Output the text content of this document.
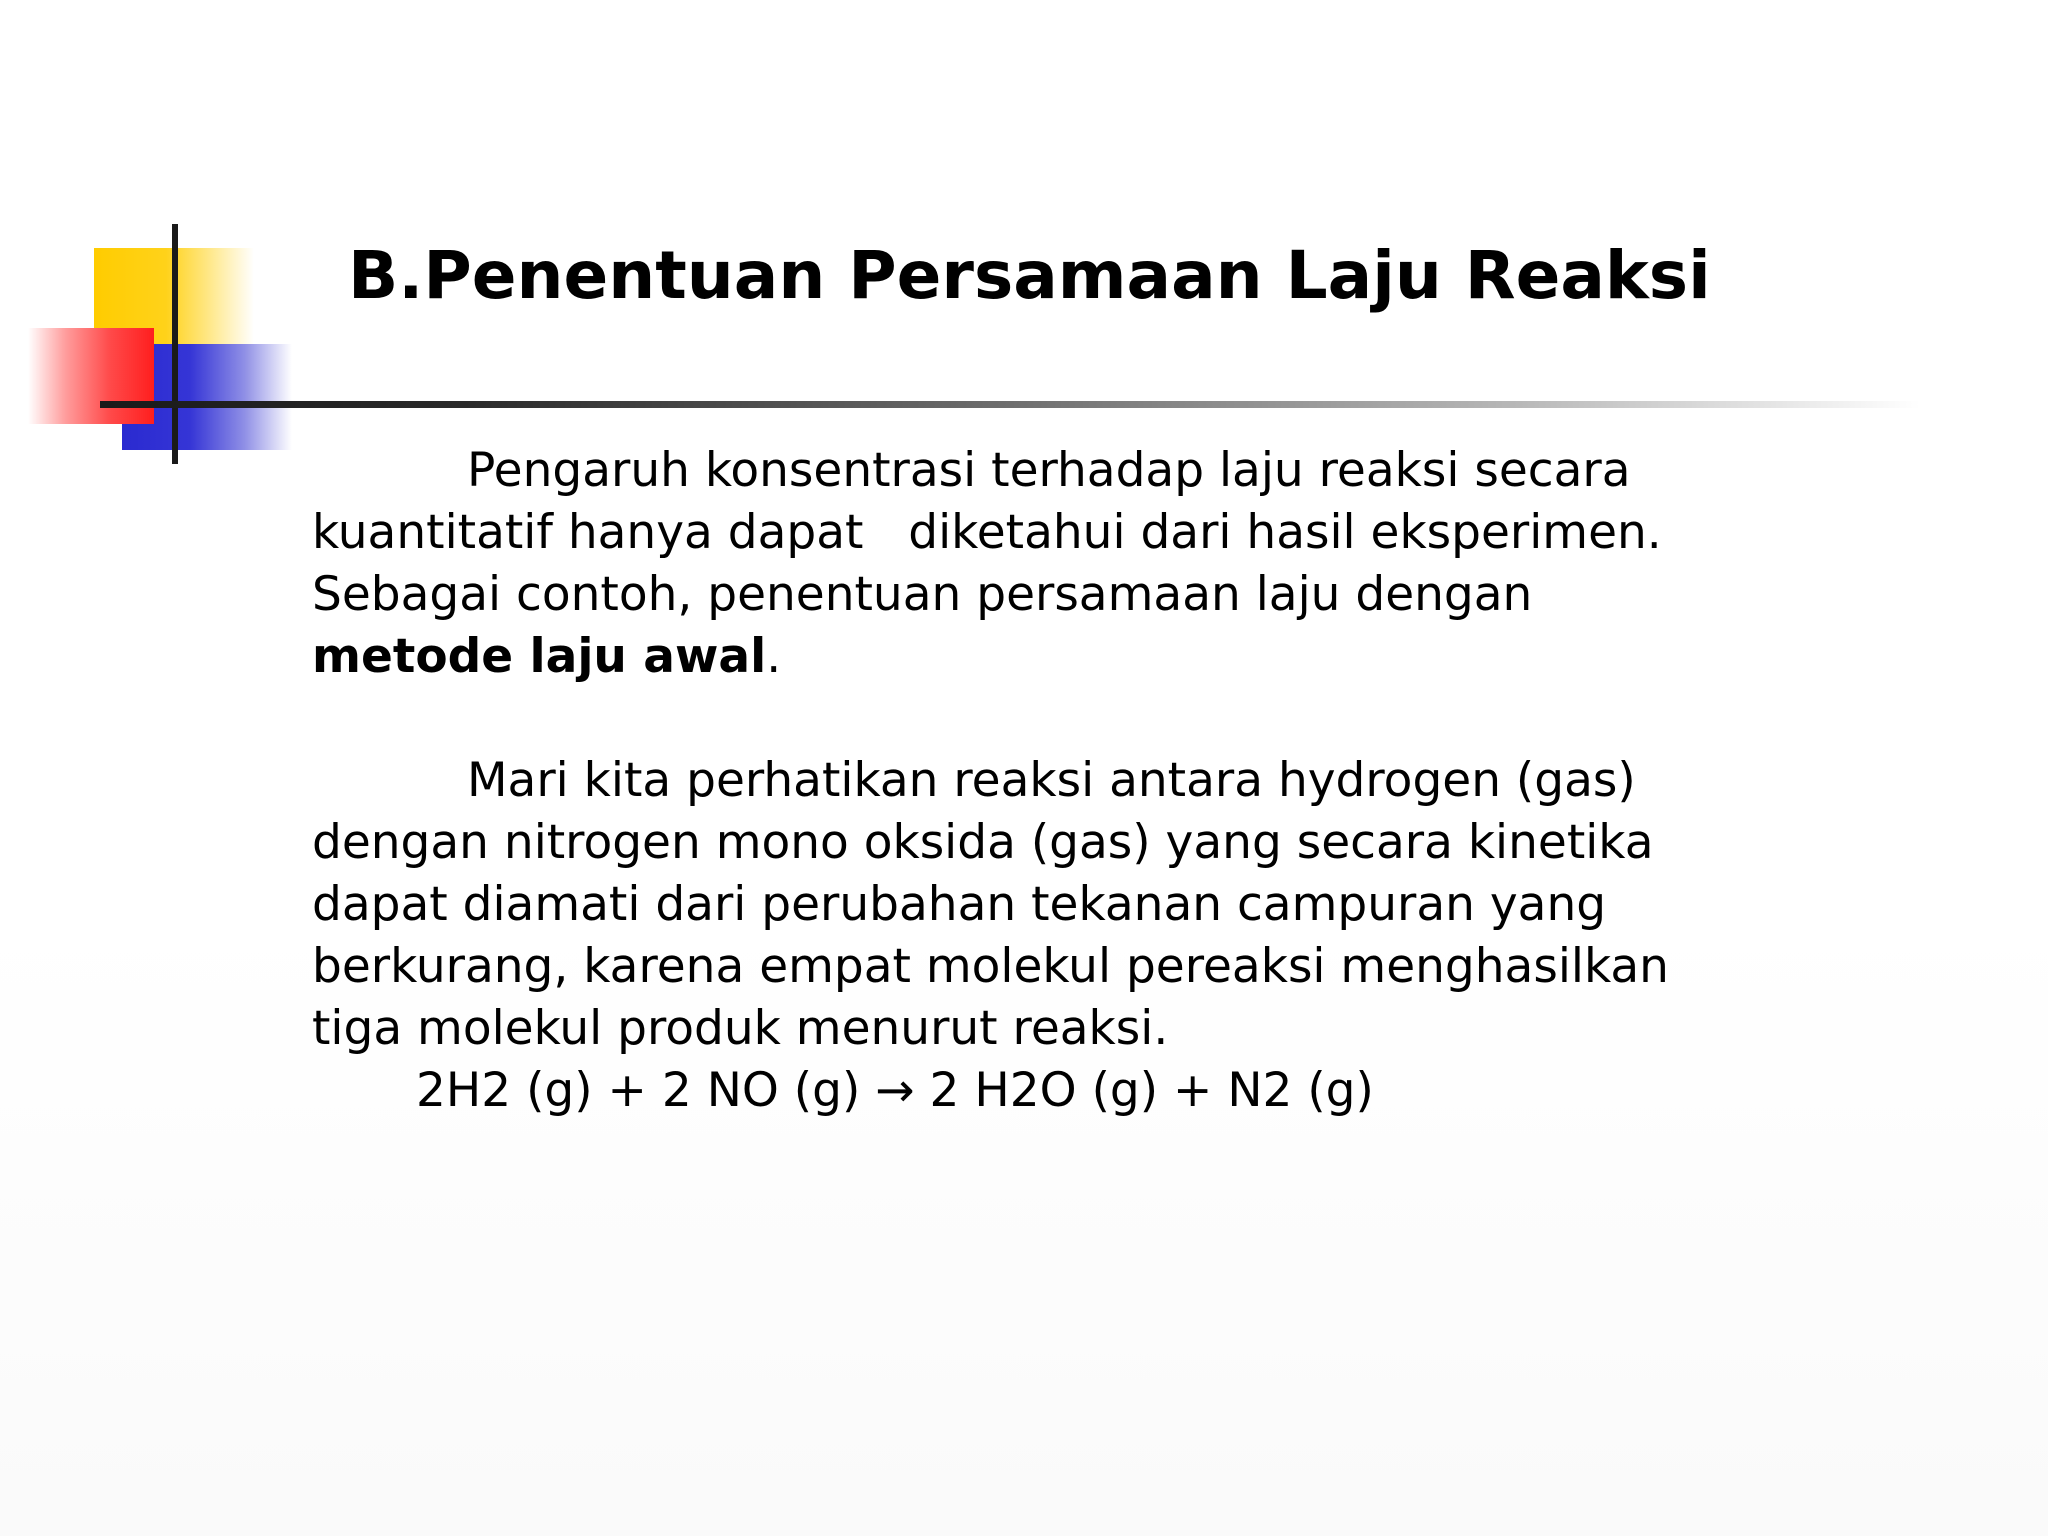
B.Penentuan Persamaan Laju Reaksi

Pengaruh konsentrasi terhadap laju reaksi secara

kuantitatif hanya dapat   diketahui dari hasil eksperimen.

Sebagai contoh, penentuan persamaan laju dengan

metode laju awal.

Mari kita perhatikan reaksi antara hydrogen (gas)

dengan nitrogen mono oksida (gas) yang secara kinetika

dapat diamati dari perubahan tekanan campuran yang

berkurang, karena empat molekul pereaksi menghasilkan

tiga molekul produk menurut reaksi.

2H2 (g) + 2 NO (g) → 2 H2O (g) + N2 (g)
